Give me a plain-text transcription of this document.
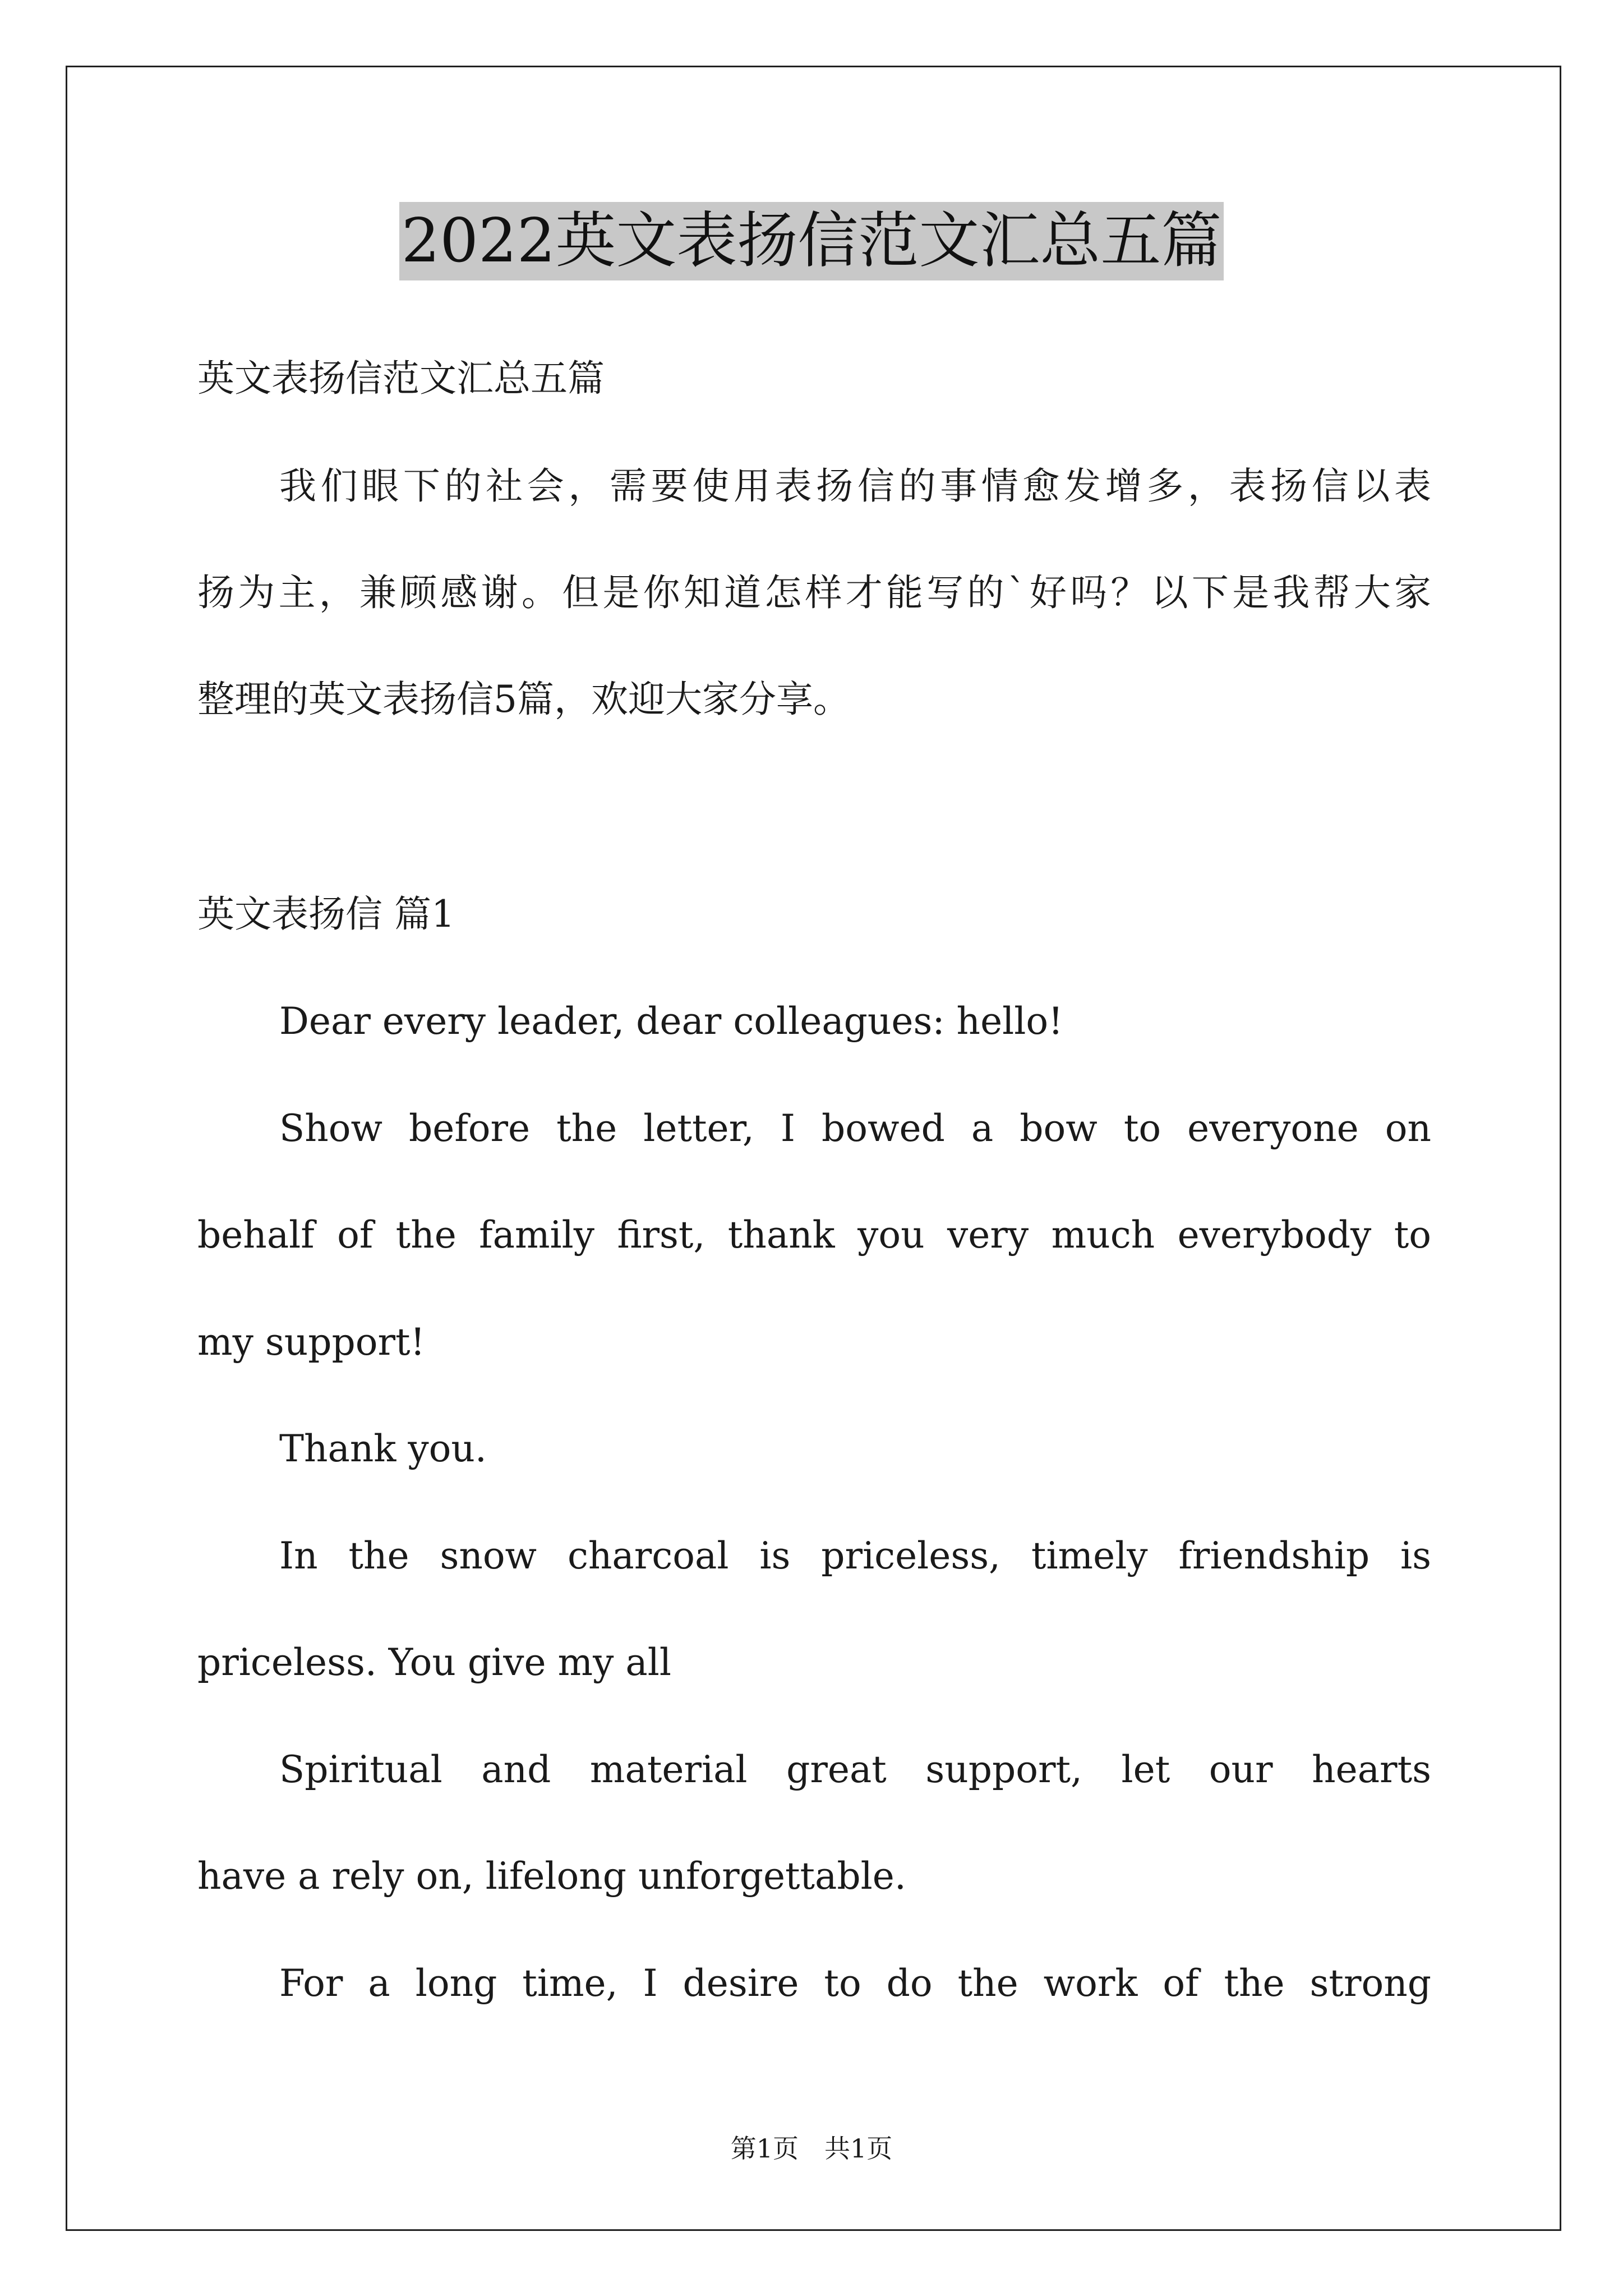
2022英文表扬信范文汇总五篇
英文表扬信范文汇总五篇
我们眼下的社会，需要使用表扬信的事情愈发增多，表扬信以表
扬为主，兼顾感谢。但是你知道怎样才能写的`好吗？以下是我帮大家
整理的英文表扬信5篇，欢迎大家分享。
英文表扬信 篇1
Dear every leader, dear colleagues: hello!
Show before the letter, I bowed a bow to everyone on
behalf of the family first, thank you very much everybody to
my support!
Thank you.
In the snow charcoal is priceless, timely friendship is
priceless. You give my all
Spiritual and material great support, let our hearts
have a rely on, lifelong unforgettable.
For a long time, I desire to do the work of the strong
第1页　共1页
